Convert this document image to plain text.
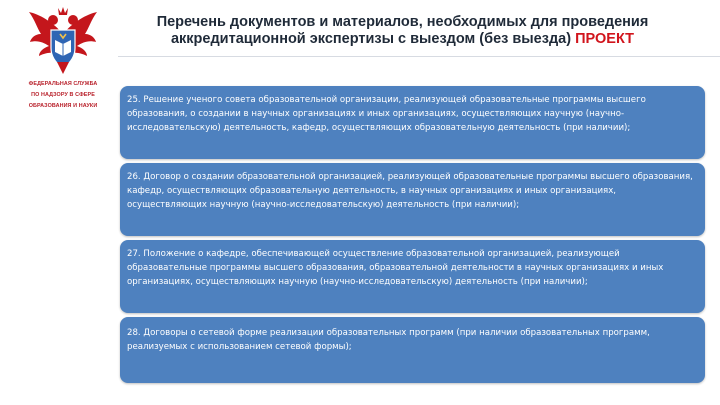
ФЕДЕРАЛЬНАЯ СЛУЖБА
ПО НАДЗОРУ В СФЕРЕ
ОБРАЗОВАНИЯ И НАУКИ
Перечень документов и материалов, необходимых для проведения
аккредитационной экспертизы с выездом (без выезда) ПРОЕКТ
25. Решение ученого совета образовательной организации, реализующей образовательные программы высшего образования, о создании в научных организациях и иных организациях, осуществляющих научную (научно-исследовательскую) деятельность, кафедр, осуществляющих образовательную деятельность (при наличии);
26. Договор о создании образовательной организацией, реализующей образовательные программы высшего образования, кафедр, осуществляющих образовательную деятельность, в научных организациях и иных организациях, осуществляющих научную (научно-исследовательскую) деятельность (при наличии);
27. Положение о кафедре, обеспечивающей осуществление образовательной организацией, реализующей образовательные программы высшего образования, образовательной деятельности в научных организациях и иных организациях, осуществляющих научную (научно-исследовательскую) деятельность (при наличии);
28. Договоры о сетевой форме реализации образовательных программ (при наличии образовательных программ, реализуемых с использованием сетевой формы);
